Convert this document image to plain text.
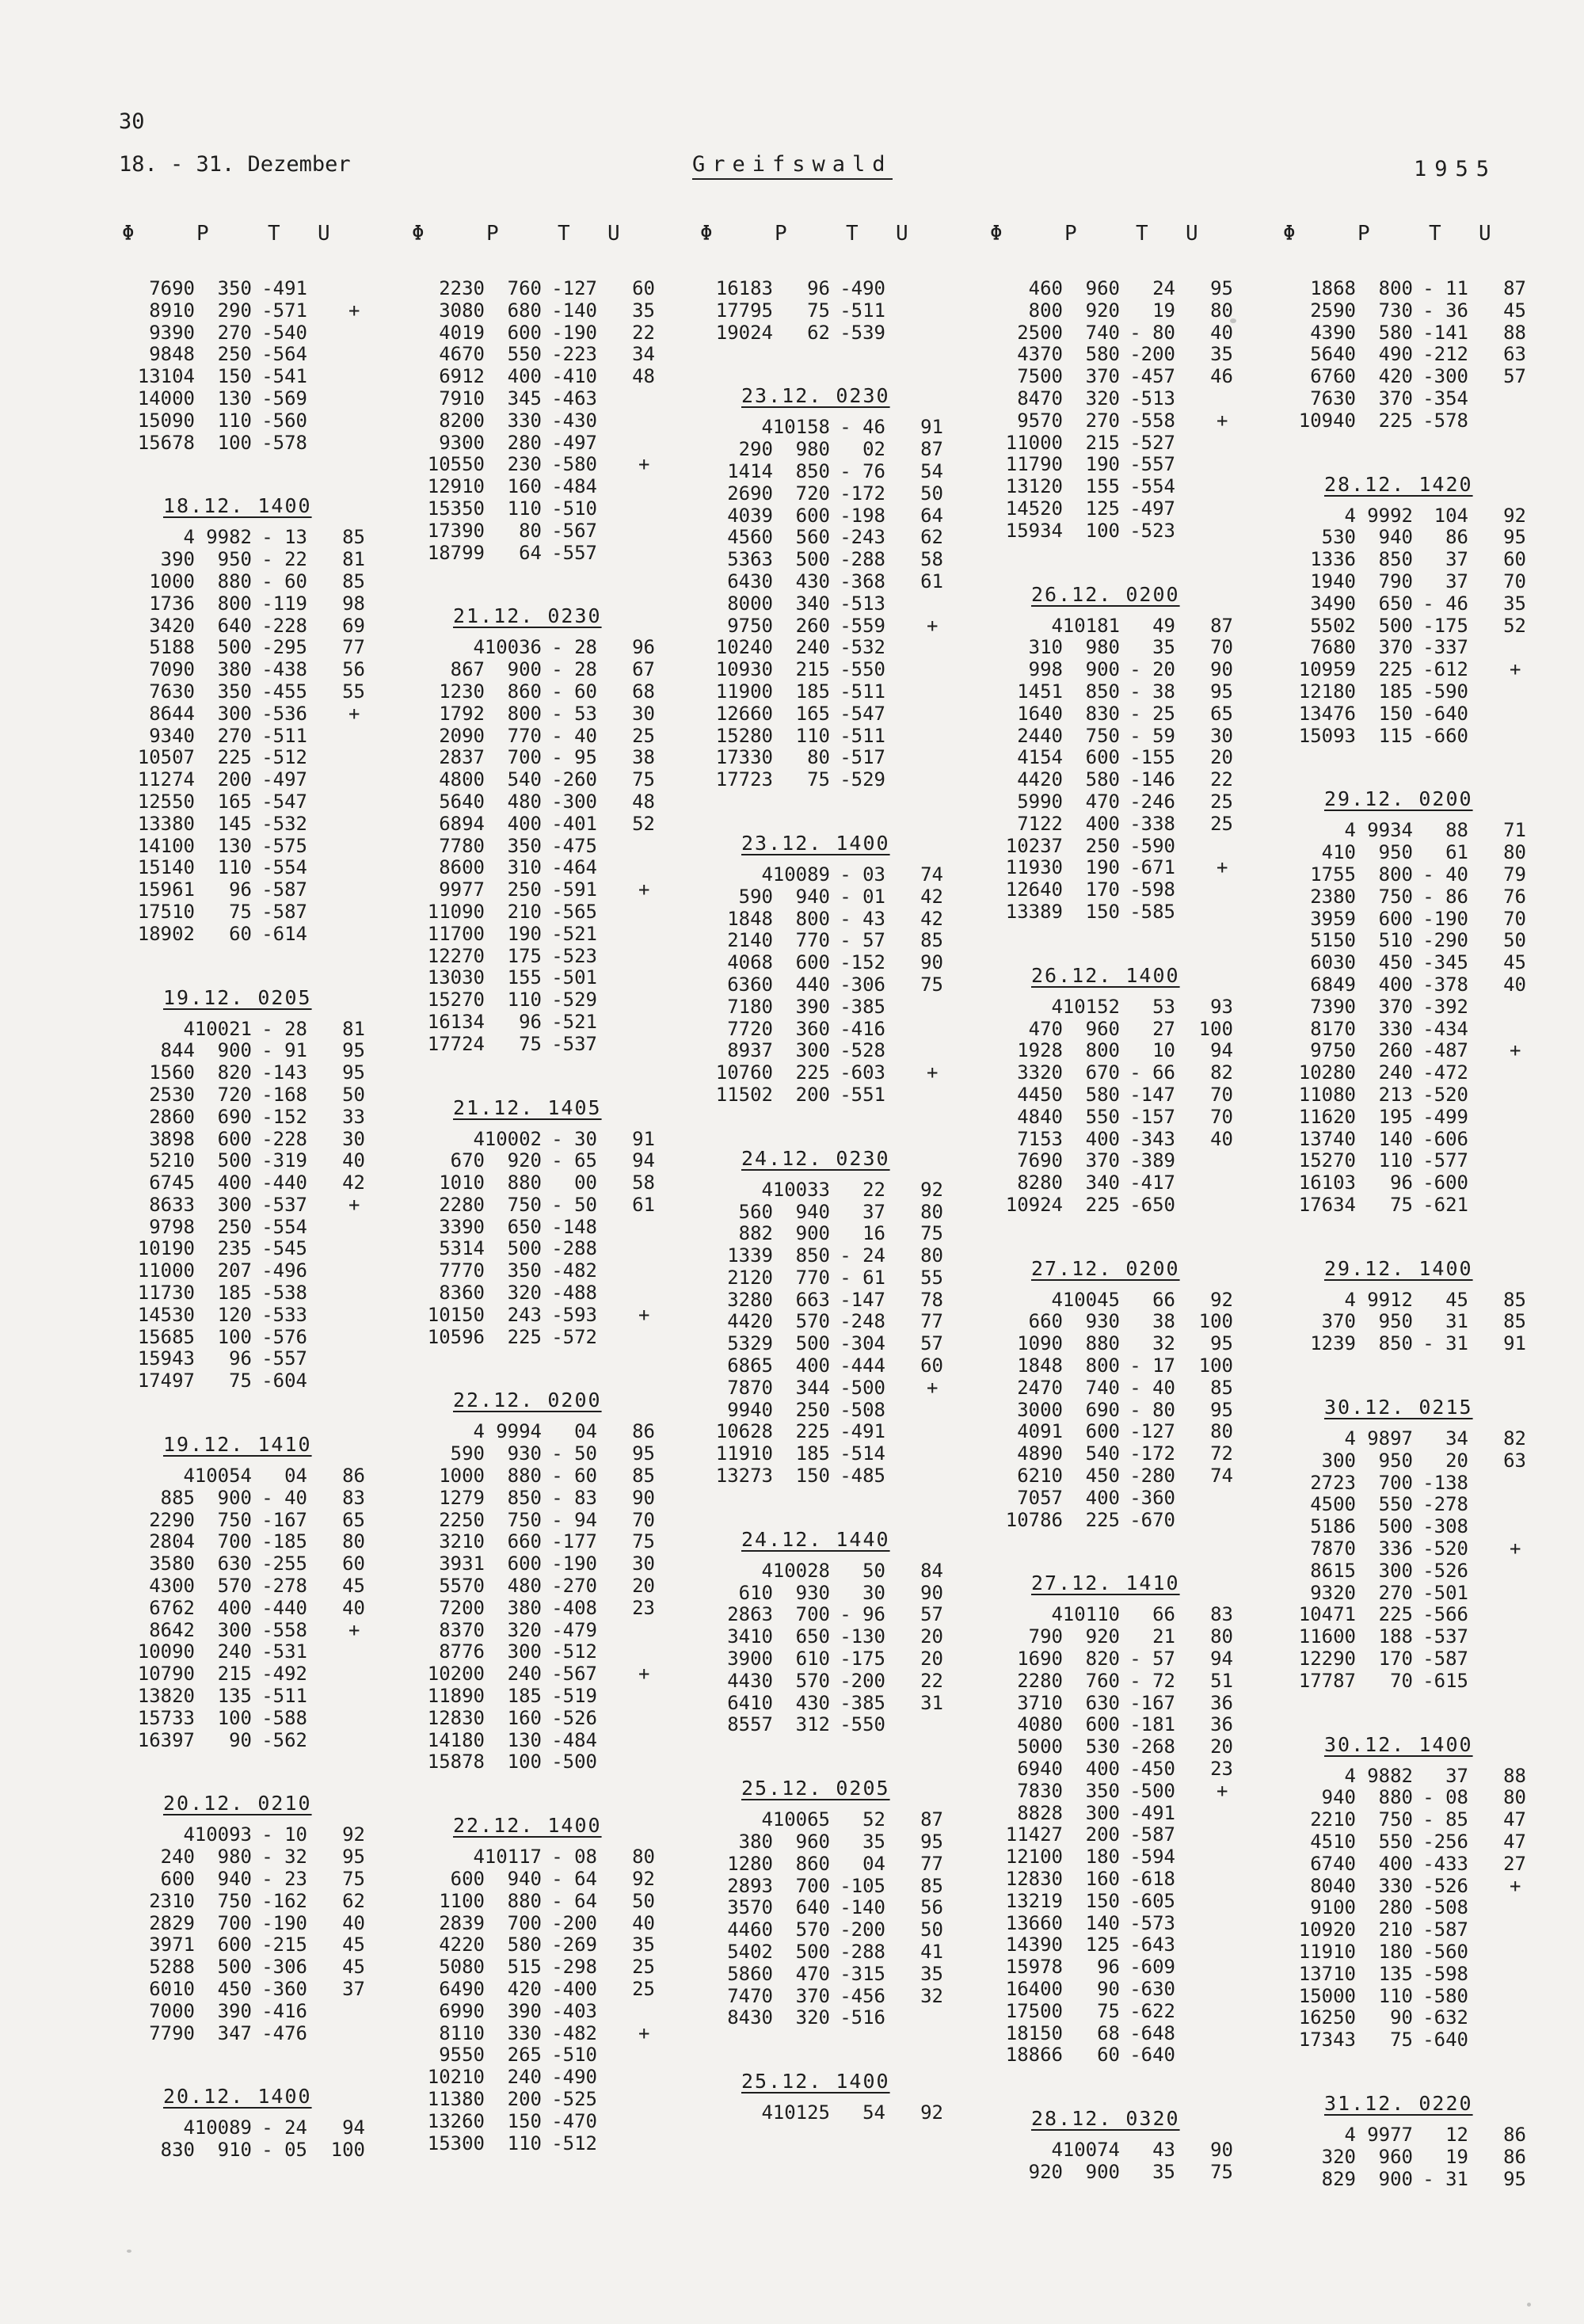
30
18. - 31. Dezember	Greifswald	1955
Φ	P	T U
7690 350 -491
8910 290 -571 +
9390 270 -540
9848 250 -564
13104 150 -541
14000 130 -569
15090 110 -560
15678 100 -578
18.12. 1400
4 9982 - 13 85
390 950 - 22 81
1000 880 - 60 85
1736 800 -119 98
3420 640 -228 69
5188 500 -295 77
7090 380 -438 56
7630 350 -455 55
8644 300 -536 +
9340 270 -511
10507 225 -512
11274 200 -497
12550 165 -547
13380 145 -532
14100 130 -575
15140 110 -554
15961 96 -587
17510 75 -587
18902 60 -614
19.12. 0205
4 10021 - 28 81
844 900 - 91 95
1560 820 -143 95
2530 720 -168 50
2860 690 -152 33
3898 600 -228 30
5210 500 -319 40
6745 400 -440 42
8633 300 -537 +
9798 250 -554
10190 235 -545
11000 207 -496
11730 185 -538
14530 120 -533
15685 100 -576
15943 96 -557
17497 75 -604
19.12. 1410
4 10054 04 86
885 900 - 40 83
2290 750 -167 65
2804 700 -185 80
3580 630 -255 60
4300 570 -278 45
6762 400 -440 40
8642 300 -558 +
10090 240 -531
10790 215 -492
13820 135 -511
15733 100 -588
16397 90 -562
20.12. 0210
4 10093 - 10 92
240 980 - 32 95
600 940 - 23 75
2310 750 -162 62
2829 700 -190 40
3971 600 -215 45
5288 500 -306 45
6010 450 -360 37
7000 390 -416
7790 347 -476
20.12. 1400
4 10089 - 24 94
830 910 - 05 100
Φ	P	T U
2230 760 -127 60
3080 680 -140 35
4019 600 -190 22
4670 550 -223 34
6912 400 -410 48
7910 345 -463
8200 330 -430
9300 280 -497
10550 230 -580 +
12910 160 -484
15350 110 -510
17390 80 -567
18799 64 -557
21.12. 0230
4 10036 - 28 96
867 900 - 28 67
1230 860 - 60 68
1792 800 - 53 30
2090 770 - 40 25
2837 700 - 95 38
4800 540 -260 75
5640 480 -300 48
6894 400 -401 52
7780 350 -475
8600 310 -464
9977 250 -591 +
11090 210 -565
11700 190 -521
12270 175 -523
13030 155 -501
15270 110 -529
16134 96 -521
17724 75 -537
21.12. 1405
4 10002 - 30 91
670 920 - 65 94
1010 880 00 58
2280 750 - 50 61
3390 650 -148
5314 500 -288
7770 350 -482
8360 320 -488
10150 243 -593 +
10596 225 -572
22.12. 0200
4 9994 04 86
590 930 - 50 95
1000 880 - 60 85
1279 850 - 83 90
2250 750 - 94 70
3210 660 -177 75
3931 600 -190 30
5570 480 -270 20
7200 380 -408 23
8370 320 -479
8776 300 -512
10200 240 -567 +
11890 185 -519
12830 160 -526
14180 130 -484
15878 100 -500
22.12. 1400
4 10117 - 08 80
600 940 - 64 92
1100 880 - 64 50
2839 700 -200 40
4220 580 -269 35
5080 515 -298 25
6490 420 -400 25
6990 390 -403
8110 330 -482 +
9550 265 -510
10210 240 -490
11380 200 -525
13260 150 -470
15300 110 -512
Φ	P	T U
16183 96 -490
17795 75 -511
19024 62 -539
23.12. 0230
4 10158 - 46 91
290 980 02 87
1414 850 - 76 54
2690 720 -172 50
4039 600 -198 64
4560 560 -243 62
5363 500 -288 58
6430 430 -368 61
8000 340 -513
9750 260 -559 +
10240 240 -532
10930 215 -550
11900 185 -511
12660 165 -547
15280 110 -511
17330 80 -517
17723 75 -529
23.12. 1400
4 10089 - 03 74
590 940 - 01 42
1848 800 - 43 42
2140 770 - 57 85
4068 600 -152 90
6360 440 -306 75
7180 390 -385
7720 360 -416
8937 300 -528
10760 225 -603 +
11502 200 -551
24.12. 0230
4 10033 22 92
560 940 37 80
882 900 16 75
1339 850 - 24 80
2120 770 - 61 55
3280 663 -147 78
4420 570 -248 77
5329 500 -304 57
6865 400 -444 60
7870 344 -500 +
9940 250 -508
10628 225 -491
11910 185 -514
13273 150 -485
24.12. 1440
4 10028 50 84
610 930 30 90
2863 700 - 96 57
3410 650 -130 20
3900 610 -175 20
4430 570 -200 22
6410 430 -385 31
8557 312 -550
25.12. 0205
4 10065 52 87
380 960 35 95
1280 860 04 77
2893 700 -105 85
3570 640 -140 56
4460 570 -200 50
5402 500 -288 41
5860 470 -315 35
7470 370 -456 32
8430 320 -516
25.12. 1400
4 10125 54 92
Φ	P	T U
460 960 24 95
800 920 19 80
2500 740 - 80 40
4370 580 -200 35
7500 370 -457 46
8470 320 -513
9570 270 -558 +
11000 215 -527
11790 190 -557
13120 155 -554
14520 125 -497
15934 100 -523
26.12. 0200
4 10181 49 87
310 980 35 70
998 900 - 20 90
1451 850 - 38 95
1640 830 - 25 65
2440 750 - 59 30
4154 600 -155 20
4420 580 -146 22
5990 470 -246 25
7122 400 -338 25
10237 250 -590
11930 190 -671 +
12640 170 -598
13389 150 -585
26.12. 1400
4 10152 53 93
470 960 27 100
1928 800 10 94
3320 670 - 66 82
4450 580 -147 70
4840 550 -157 70
7153 400 -343 40
7690 370 -389
8280 340 -417
10924 225 -650
27.12. 0200
4 10045 66 92
660 930 38 100
1090 880 32 95
1848 800 - 17 100
2470 740 - 40 85
3000 690 - 80 95
4091 600 -127 80
4890 540 -172 72
6210 450 -280 74
7057 400 -360
10786 225 -670
27.12. 1410
4 10110 66 83
790 920 21 80
1690 820 - 57 94
2280 760 - 72 51
3710 630 -167 36
4080 600 -181 36
5000 530 -268 20
6940 400 -450 23
7830 350 -500 +
8828 300 -491
11427 200 -587
12100 180 -594
12830 160 -618
13219 150 -605
13660 140 -573
14390 125 -643
15978 96 -609
16400 90 -630
17500 75 -622
18150 68 -648
18866 60 -640
28.12. 0320
4 10074 43 90
920 900 35 75
Φ	P	T U
1868 800 - 11 87
2590 730 - 36 45
4390 580 -141 88
5640 490 -212 63
6760 420 -300 57
7630 370 -354
10940 225 -578
28.12. 1420
4 9992 104 92
530 940 86 95
1336 850 37 60
1940 790 37 70
3490 650 - 46 35
5502 500 -175 52
7680 370 -337
10959 225 -612 +
12180 185 -590
13476 150 -640
15093 115 -660
29.12. 0200
4 9934 88 71
410 950 61 80
1755 800 - 40 79
2380 750 - 86 76
3959 600 -190 70
5150 510 -290 50
6030 450 -345 45
6849 400 -378 40
7390 370 -392
8170 330 -434
9750 260 -487 +
10280 240 -472
11080 213 -520
11620 195 -499
13740 140 -606
15270 110 -577
16103 96 -600
17634 75 -621
29.12. 1400
4 9912 45 85
370 950 31 85
1239 850 - 31 91
30.12. 0215
4 9897 34 82
300 950 20 63
2723 700 -138
4500 550 -278
5186 500 -308
7870 336 -520 +
8615 300 -526
9320 270 -501
10471 225 -566
11600 188 -537
12290 170 -587
17787 70 -615
30.12. 1400
4 9882 37 88
940 880 - 08 80
2210 750 - 85 47
4510 550 -256 47
6740 400 -433 27
8040 330 -526 +
9100 280 -508
10920 210 -587
11910 180 -560
13710 135 -598
15000 110 -580
16250 90 -632
17343 75 -640
31.12. 0220
4 9977 12 86
320 960 19 86
829 900 - 31 95
